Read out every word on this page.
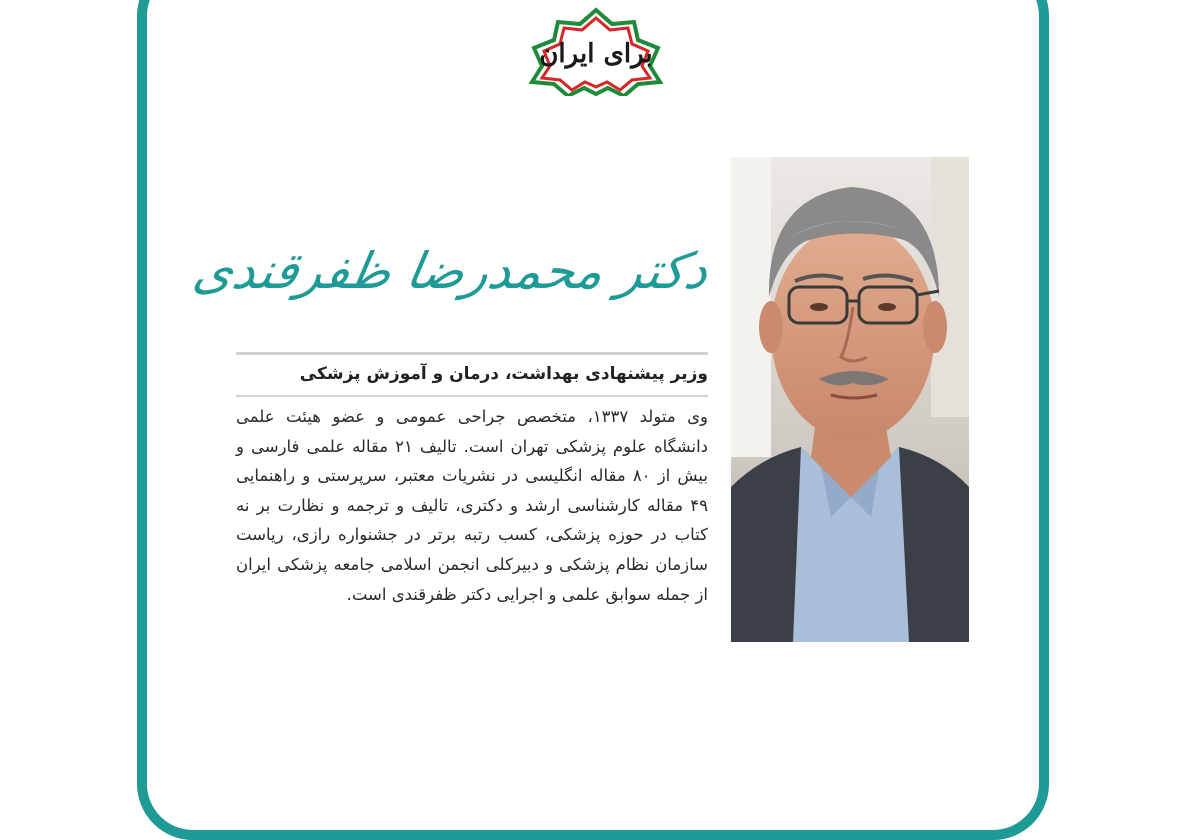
برای ایران
دکتر محمدرضا ظفرقندی
وزیر پیشنهادی بهداشت، درمان و آموزش پزشکی
وی متولد ۱۳۳۷، متخصص جراحی عمومی و عضو هیئت علمی دانشگاه علوم پزشکی تهران است. تالیف ۲۱ مقاله علمی فارسی و بیش از ۸۰ مقاله انگلیسی در نشریات معتبر، سرپرستی و راهنمایی ۴۹ مقاله کارشناسی ارشد و دکتری، تالیف و ترجمه و نظارت بر نه کتاب در حوزه پزشکی، کسب رتبه برتر در جشنواره رازی، ریاست سازمان نظام پزشکی و دبیرکلی انجمن اسلامی جامعه پزشکی ایران از جمله سوابق علمی و اجرایی دکتر ظفرقندی است.
